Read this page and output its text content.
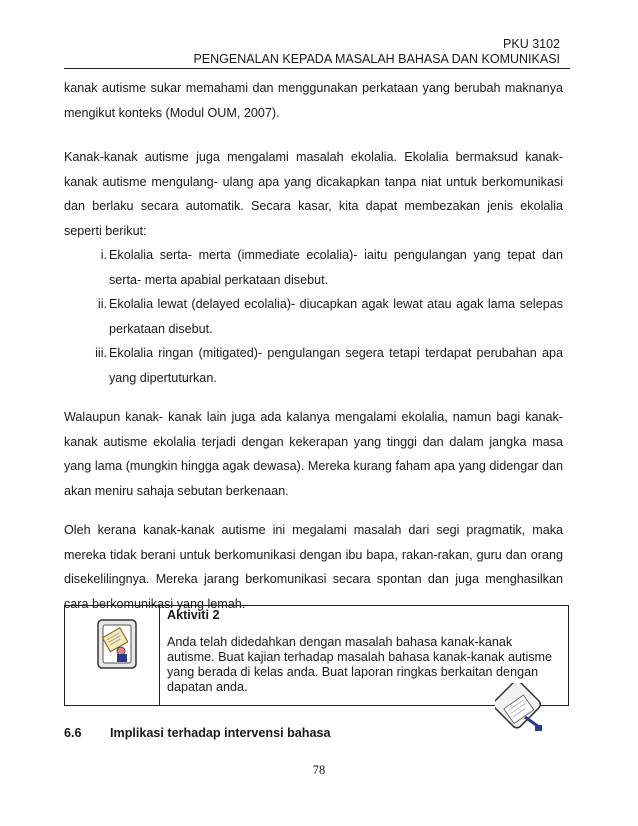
PKU 3102
PENGENALAN KEPADA MASALAH BAHASA DAN KOMUNIKASI

kanak autisme sukar memahami dan menggunakan perkataan yang berubah maknanya mengikut konteks (Modul OUM, 2007).

Kanak-kanak autisme juga mengalami masalah ekolalia. Ekolalia bermaksud kanak-kanak autisme mengulang- ulang apa yang dicakapkan tanpa niat untuk berkomunikasi dan berlaku secara automatik. Secara kasar, kita dapat membezakan jenis ekolalia seperti berikut:

i. Ekolalia serta- merta (immediate ecolalia)- iaitu pengulangan yang tepat dan serta- merta apabial perkataan disebut.
ii. Ekolalia lewat (delayed ecolalia)- diucapkan agak lewat atau agak lama selepas perkataan disebut.
iii. Ekolalia ringan (mitigated)- pengulangan segera tetapi terdapat perubahan apa yang dipertuturkan.

Walaupun kanak- kanak lain juga ada kalanya mengalami ekolalia, namun bagi kanak-kanak autisme ekolalia terjadi dengan kekerapan yang tinggi dan dalam jangka masa yang lama (mungkin hingga agak dewasa). Mereka kurang faham apa yang didengar dan akan meniru sahaja sebutan berkenaan.

Oleh kerana kanak-kanak autisme ini megalami masalah dari segi pragmatik, maka mereka tidak berani untuk berkomunikasi dengan ibu bapa, rakan-rakan, guru dan orang disekelilingnya. Mereka jarang berkomunikasi secara spontan dan juga menghasilkan cara berkomunikasi yang lemah.

Aktiviti 2
Anda telah didedahkan dengan masalah bahasa kanak-kanak autisme. Buat kajian terhadap masalah bahasa kanak-kanak autisme yang berada di kelas anda. Buat laporan ringkas berkaitan dengan dapatan anda.
6.6 Implikasi terhadap intervensi bahasa
78
